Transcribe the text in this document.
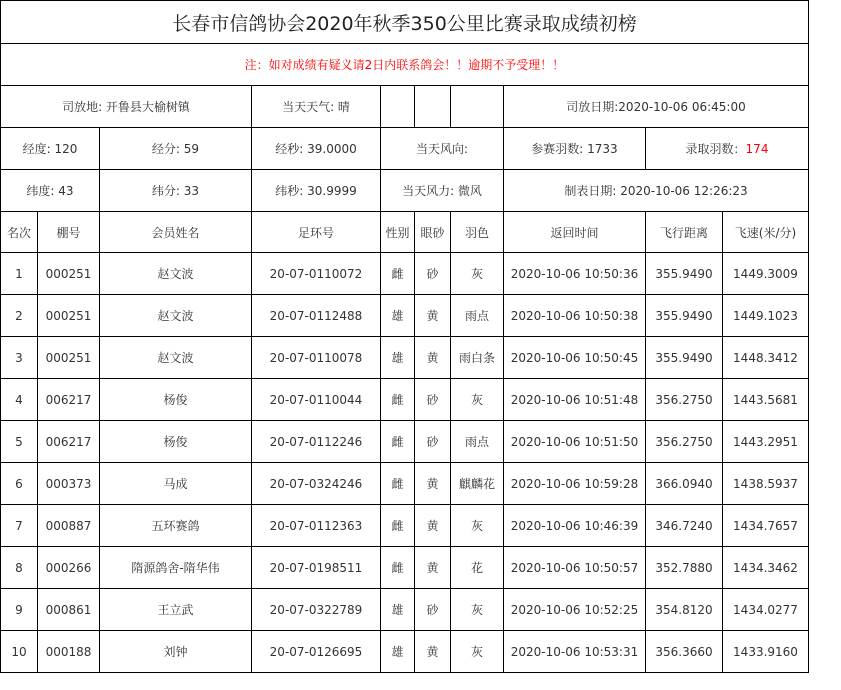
长春市信鸽协会2020年秋季350公里比赛录取成绩初榜									
注：如对成绩有疑义请2日内联系鸽会！！逾期不予受理！！									
司放地: 开鲁县大榆树镇			当天天气: 晴				司放日期:2020-10-06 06:45:00		
经度: 120		经分: 59	经秒: 39.0000	当天风向:			参赛羽数: 1733	录取羽数：174	
纬度: 43		纬分: 33	纬秒: 30.9999	当天风力: 微风			制表日期: 2020-10-06 12:26:23		
名次	棚号	会员姓名	足环号	性别	眼砂	羽色	返回时间	飞行距离	飞速(米/分)
1	000251	赵文波	20-07-0110072	雌	砂	灰	2020-10-06 10:50:36	355.9490	1449.3009
2	000251	赵文波	20-07-0112488	雄	黄	雨点	2020-10-06 10:50:38	355.9490	1449.1023
3	000251	赵文波	20-07-0110078	雄	黄	雨白条	2020-10-06 10:50:45	355.9490	1448.3412
4	006217	杨俊	20-07-0110044	雌	砂	灰	2020-10-06 10:51:48	356.2750	1443.5681
5	006217	杨俊	20-07-0112246	雌	砂	雨点	2020-10-06 10:51:50	356.2750	1443.2951
6	000373	马成	20-07-0324246	雌	黄	麒麟花	2020-10-06 10:59:28	366.0940	1438.5937
7	000887	五环赛鸽	20-07-0112363	雌	黄	灰	2020-10-06 10:46:39	346.7240	1434.7657
8	000266	隋源鸽舍-隋华伟	20-07-0198511	雌	黄	花	2020-10-06 10:50:57	352.7880	1434.3462
9	000861	王立武	20-07-0322789	雄	砂	灰	2020-10-06 10:52:25	354.8120	1434.0277
10	000188	刘钟	20-07-0126695	雄	黄	灰	2020-10-06 10:53:31	356.3660	1433.9160
